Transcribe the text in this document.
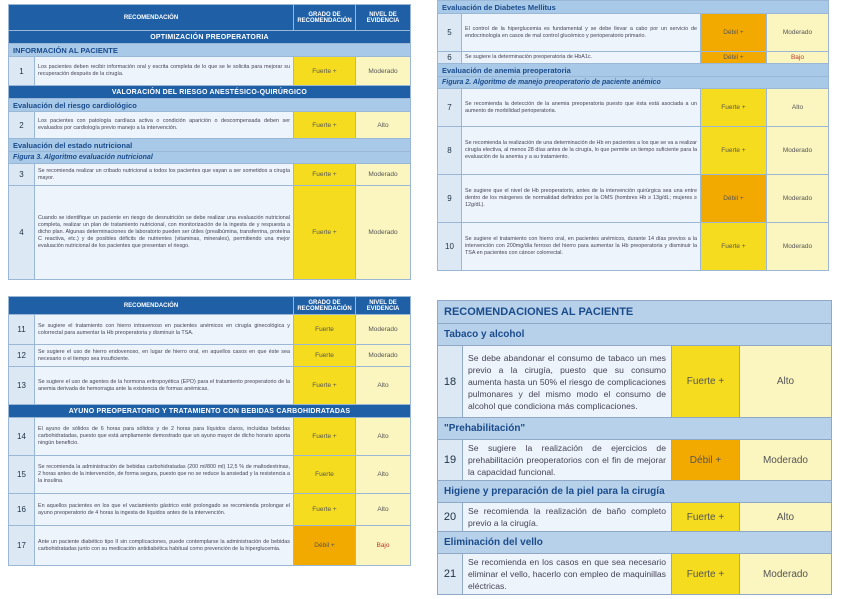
RECOMENDACIÓN		GRADO DE RECOMENDACIÓN	NIVEL DE EVIDENCIA
OPTIMIZACIÓN PREOPERATORIA			
INFORMACIÓN AL PACIENTE			
1	Los pacientes deben recibir información oral y escrita completa de lo que se le solicita para mejorar su recuperación después de la cirugía.	Fuerte +	Moderado
VALORACIÓN DEL RIESGO ANESTÉSICO-QUIRÚRGICO			
Evaluación del riesgo cardiológico			
2	Los pacientes con patología cardíaca activa o condición aparición o descompensada deben ser evaluados por cardiología previo manejo a la intervención.	Fuerte +	Alto
Evaluación del estado nutricional			
Figura 3. Algoritmo evaluación nutricional			
3	Se recomienda realizar un cribado nutricional a todos los pacientes que vayan a ser sometidos a cirugía mayor.	Fuerte +	Moderado
4	Cuando se identifique un paciente en riesgo de desnutrición se debe realizar una evaluación nutricional completa, realizar un plan de tratamiento nutricional, con monitorización de la ingesta de y respuesta a dicho plan. Algunas determinaciones de laboratorio pueden ser útiles (prealbúmina, transferrina, proteína C reactiva, etc.) y de posibles déficits de nutrientes (vitaminas, minerales), permitiendo una mejor evaluación nutricional de los pacientes que presentan el riesgo.	Fuerte +	Moderado
RECOMENDACIÓN		GRADO DE RECOMENDACIÓN	NIVEL DE EVIDENCIA
11	Se sugiere el tratamiento con hierro intravenoso en pacientes anémicos en cirugía ginecológica y colorrectal para aumentar la Hb preoperatoria y disminuir la TSA.	Fuerte	Moderado
12	Se sugiere el uso de hierro endovenoso, en lugar de hierro oral, en aquellos casos en que éste sea necesario o el tiempo sea insuficiente.	Fuerte	Moderado
13	Se sugiere el uso de agentes de la hormona eritropoyética (EPO) para el tratamiento preoperatorio de la anemia derivada de hemorragia ante la existencia de formas anémicas.	Fuerte +	Alto
AYUNO PREOPERATORIO Y TRATAMIENTO CON BEBIDAS CARBOHIDRATADAS			
14	El ayuno de sólidos de 6 horas para sólidos y de 2 horas para líquidos claros, incluidas bebidas carbohidratadas, puesto que está ampliamente demostrado que un ayuno mayor de dicho horario aporta ningún beneficio.	Fuerte +	Alto
15	Se recomienda la administración de bebidas carbohidratadas (200 ml/800 ml) 12,5 % de maltodextrinas, 2 horas antes de la intervención, de forma segura, puesto que no se reduce la ansiedad y la resistencia a la insulina.	Fuerte	Alto
16	En aquellos pacientes en los que el vaciamiento gástrico esté prolongado se recomienda prolongar el ayuno preoperatorio de 4 horas la ingesta de líquidos antes de la intervención.	Fuerte +	Alto
17	Ante un paciente diabético tipo II sin complicaciones, puede contemplarse la administración de bebidas carbohidratadas junto con su medicación antidiabética habitual como prevención de la hiperglucemia.	Débil +	Bajo
Evaluación de Diabetes Mellitus			
5	El control de la hiperglucemia es fundamental y se debe llevar a cabo por un servicio de endocrinología en casos de mal control glucémico y perioperatorio primario.	Débil +	Moderado
6	Se sugiere la determinación preoperatoria de HbA1c.	Débil +	Bajo
Evaluación de anemia preoperatoria			
Figura 2. Algoritmo de manejo preoperatorio de paciente anémico			
7	Se recomienda la detección de la anemia preoperatoria puesto que ésta está asociada a un aumento de morbilidad perioperatoria.	Fuerte +	Alto
8	Se recomienda la realización de una determinación de Hb en pacientes a los que se va a realizar cirugía electiva, al menos 28 días antes de la cirugía, lo que permite un tiempo suficiente para la evaluación de la anemia y a su tratamiento.	Fuerte +	Moderado
9	Se sugiere que el nivel de Hb preoperatorio, antes de la intervención quirúrgica sea una entre dentro de los márgenes de normalidad definidos por la OMS (hombres Hb ≥ 13g/dL; mujeres ≥ 12g/dL).	Débil +	Moderado
10	Se sugiere el tratamiento con hierro oral, en pacientes anémicos, durante 14 días previos a la intervención con 200mg/día ferroso del hierro para aumentar la Hb preoperatoria y disminuir la TSA en pacientes con cáncer colorrectal.	Fuerte +	Moderado
RECOMENDACIONES AL PACIENTE			
Tabaco y alcohol			
18	Se debe abandonar el consumo de tabaco un mes previo a la cirugía, puesto que su consumo aumenta hasta un 50% el riesgo de complicaciones pulmonares y del mismo modo el consumo de alcohol que condiciona más complicaciones.	Fuerte +	Alto
"Prehabilitación"			
19	Se sugiere la realización de ejercicios de prehabilitación preoperatorios con el fin de mejorar la capacidad funcional.	Débil +	Moderado
Higiene y preparación de la piel para la cirugía			
20	Se recomienda la realización de baño completo previo a la cirugía.	Fuerte +	Alto
Eliminación del vello			
21	Se recomienda en los casos en que sea necesario eliminar el vello, hacerlo con empleo de maquinillas eléctricas.	Fuerte +	Moderado
